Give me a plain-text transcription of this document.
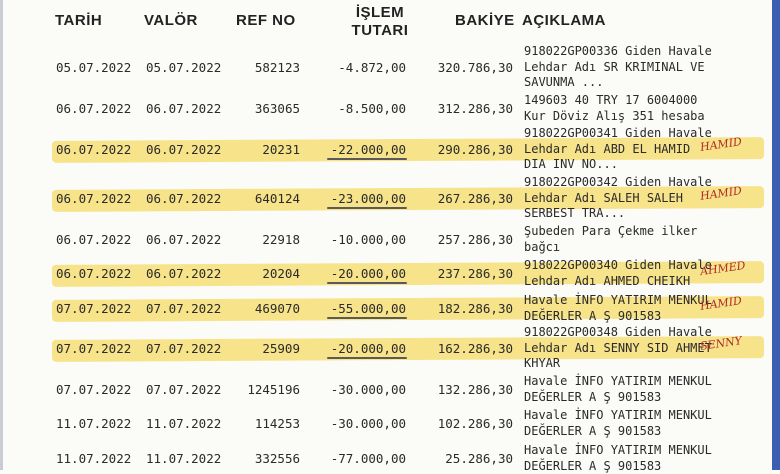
TARİH	VALÖR	REF NO	İŞLEM
TUTARI
BAKİYE AÇIKLAMA
05.07.2022 05.07.2022	582123	-4.872,00	320.786,30
918022GP00336 Giden Havale
Lehdar Adı SR KRIMINAL VE
SAVUNMA ...
06.07.2022 06.07.2022	363065	-8.500,00	312.286,30
149603 40 TRY 17 6004000
Kur Döviz Alış 351 hesaba
06.07.2022 06.07.2022	20231 -22.000,00	290.286,30
918022GP00341 Giden Havale
Lehdar Adı ABD EL HAMID
DIA INV NO...
HAMID
06.07.2022 06.07.2022	640124 -23.000,00	267.286,30
918022GP00342 Giden Havale
Lehdar Adı SALEH SALEH
SERBEST TRA...
HAMID
06.07.2022 06.07.2022	22918 -10.000,00	257.286,30
Şubeden Para Çekme ilker
bağcı
06.07.2022 06.07.2022	20204 -20.000,00	237.286,30
918022GP00340 Giden Havale
Lehdar Adı AHMED CHEIKH
AHMED
07.07.2022 07.07.2022	469070 -55.000,00	182.286,30
Havale İNFO YATIRIM MENKUL
DEĞERLER A Ş 901583
HAMID
07.07.2022 07.07.2022	25909 -20.000,00	162.286,30
918022GP00348 Giden Havale
Lehdar Adı SENNY SID AHMET
KHYAR
SENNY
07.07.2022 07.07.2022 1245196 -30.000,00	132.286,30
Havale İNFO YATIRIM MENKUL
DEĞERLER A Ş 901583
11.07.2022 11.07.2022	114253 -30.000,00	102.286,30
Havale İNFO YATIRIM MENKUL
DEĞERLER A Ş 901583
11.07.2022 11.07.2022	332556 -77.000,00	25.286,30
Havale İNFO YATIRIM MENKUL
DEĞERLER A Ş 901583
